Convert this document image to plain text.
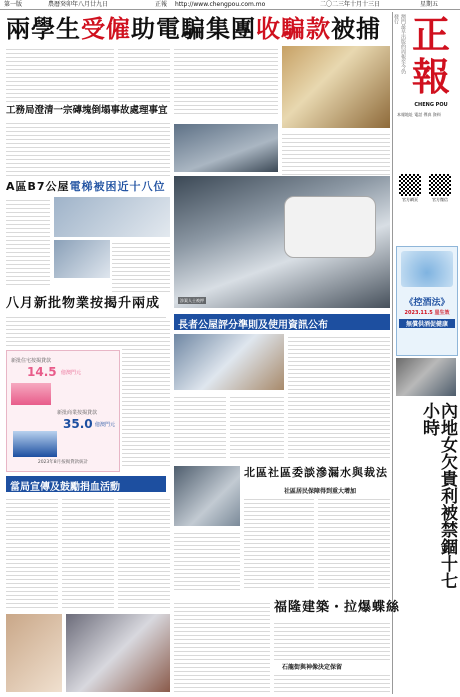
第一版	農曆癸卯年八月廿九日	正報 http://www.chengpou.com.mo	二〇二三年十月十三日	星期五
兩學生受僱助電騙集團收騙款被捕	澳門最早出版的周報至今仍發行 正報
CHENG POU
本報地址 電話 傳真 資料
官方網頁	官方微信
《控酒法》
2023.11.5 星生效
無償供酒促健康
內地女欠貴利被禁錮十七小時

工務局澄清一宗磚塊倒塌事故處理事宜
A區B7公屋電梯被困近十八位
涉案人士被押
八月新批物業按揭升兩成
新批住宅按揭貸款
14.5 億澳門元
新批商業按揭貸款
35.0 億澳門元
2023年8月按揭貸款統計
當局宣傳及鼓勵捐血活動
長者公屋評分準則及使用資訊公布
北區社區委談滲漏水與裁法
社區居民保障得到重大增加
福隆建築・拉爆蝶絲
石龍街與神像決定保留
